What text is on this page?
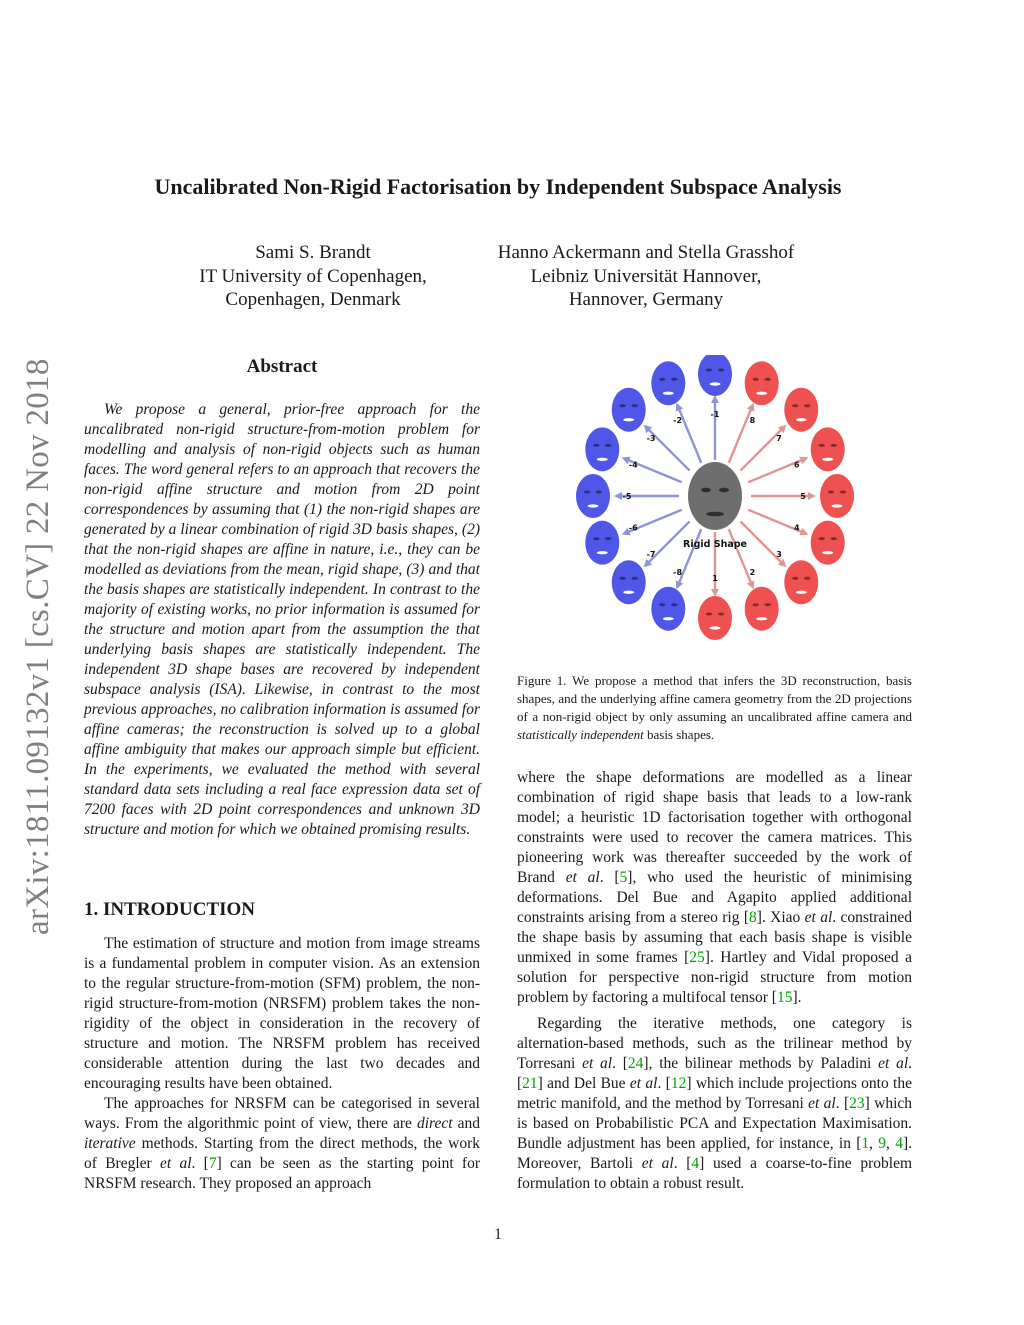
arXiv:1811.09132v1 [cs.CV] 22 Nov 2018
Uncalibrated Non-Rigid Factorisation by Independent Subspace Analysis
Sami S. Brandt
IT University of Copenhagen,
Copenhagen, Denmark
Hanno Ackermann and Stella Grasshof
Leibniz Universität Hannover,
Hannover, Germany
Abstract

We propose a general, prior-free approach for the uncalibrated non-rigid structure-from-motion problem for modelling and analysis of non-rigid objects such as human faces. The word general refers to an approach that recovers the non-rigid affine structure and motion from 2D point correspondences by assuming that (1) the non-rigid shapes are generated by a linear combination of rigid 3D basis shapes, (2) that the non-rigid shapes are affine in nature, i.e., they can be modelled as deviations from the mean, rigid shape, (3) and that the basis shapes are statistically independent. In contrast to the majority of existing works, no prior information is assumed for the structure and motion apart from the assumption the that underlying basis shapes are statistically independent. The independent 3D shape bases are recovered by independent subspace analysis (ISA). Likewise, in contrast to the most previous approaches, no calibration information is assumed for affine cameras; the reconstruction is solved up to a global affine ambiguity that makes our approach simple but efficient. In the experiments, we evaluated the method with several standard data sets including a real face expression data set of 7200 faces with 2D point correspondences and unknown 3D structure and motion for which we obtained promising results.

1. INTRODUCTION

The estimation of structure and motion from image streams is a fundamental problem in computer vision. As an extension to the regular structure-from-motion (SFM) problem, the non-rigid structure-from-motion (NRSFM) problem takes the non-rigidity of the object in consideration in the recovery of structure and motion. The NRSFM problem has received considerable attention during the last two decades and encouraging results have been obtained.

The approaches for NRSFM can be categorised in several ways. From the algorithmic point of view, there are direct and iterative methods. Starting from the direct methods, the work of Bregler et al. [7] can be seen as the starting point for NRSFM research. They proposed an approach

-1
8
7
6
5
4
3
2
1
-8
-7
-6
-5
-4
-3
-2
Rigid Shape

Figure 1. We propose a method that infers the 3D reconstruction, basis shapes, and the underlying affine camera geometry from the 2D projections of a non-rigid object by only assuming an uncalibrated affine camera and statistically independent basis shapes.

where the shape deformations are modelled as a linear combination of rigid shape basis that leads to a low-rank model; a heuristic 1D factorisation together with orthogonal constraints were used to recover the camera matrices. This pioneering work was thereafter succeeded by the work of Brand et al. [5], who used the heuristic of minimising deformations. Del Bue and Agapito applied additional constraints arising from a stereo rig [8]. Xiao et al. constrained the shape basis by assuming that each basis shape is visible unmixed in some frames [25]. Hartley and Vidal proposed a solution for perspective non-rigid structure from motion problem by factoring a multifocal tensor [15].

Regarding the iterative methods, one category is alternation-based methods, such as the trilinear method by Torresani et al. [24], the bilinear methods by Paladini et al. [21] and Del Bue et al. [12] which include projections onto the metric manifold, and the method by Torresani et al. [23] which is based on Probabilistic PCA and Expectation Maximisation. Bundle adjustment has been applied, for instance, in [1, 9, 4]. Moreover, Bartoli et al. [4] used a coarse-to-fine problem formulation to obtain a robust result.

1
